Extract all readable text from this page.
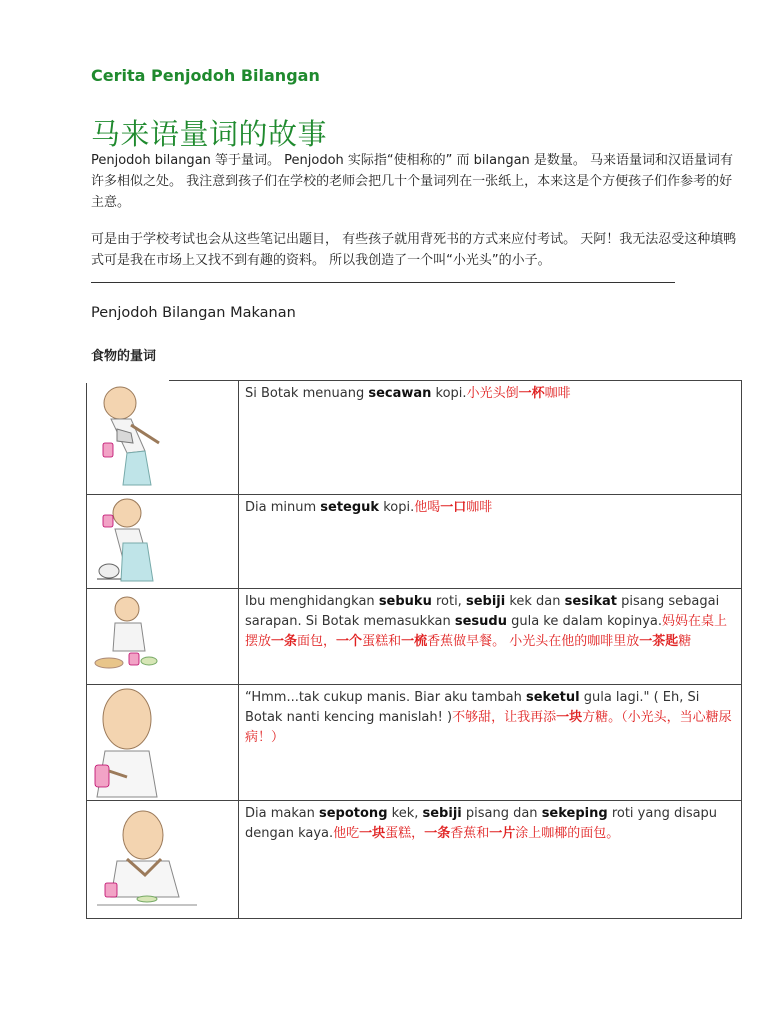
Cerita Penjodoh Bilangan
马来语量词的故事
Penjodoh bilangan 等于量词。 Penjodoh 实际指“使相称的” 而 bilangan 是数量。 马来语量词和汉语量词有许多相似之处。 我注意到孩子们在学校的老师会把几十个量词列在一张纸上，本来这是个方便孩子们作参考的好主意。
可是由于学校考试也会从这些笔记出题目， 有些孩子就用背死书的方式来应付考试。 天阿！我无法忍受这种填鸭式可是我在市场上又找不到有趣的资料。 所以我创造了一个叫“小光头”的小子。
Penjodoh Bilangan Makanan
食物的量词
	Si Botak menuang secawan kopi.小光头倒一杯咖啡

	Dia minum seteguk kopi.他喝一口咖啡

	Ibu menghidangkan sebuku roti, sebiji kek dan sesikat pisang sebagai sarapan. Si Botak memasukkan sesudu gula ke dalam kopinya.妈妈在桌上摆放一条面包，一个蛋糕和一梳香蕉做早餐。 小光头在他的咖啡里放一茶匙糖

	“Hmm...tak cukup manis. Biar aku tambah seketul gula lagi." ( Eh, Si Botak nanti kencing manislah! )不够甜，让我再添一块方糖。（小光头，当心糖尿病！）

	Dia makan sepotong kek, sebiji pisang dan sekeping roti yang disapu dengan kaya.他吃一块蛋糕，一条香蕉和一片涂上咖椰的面包。
